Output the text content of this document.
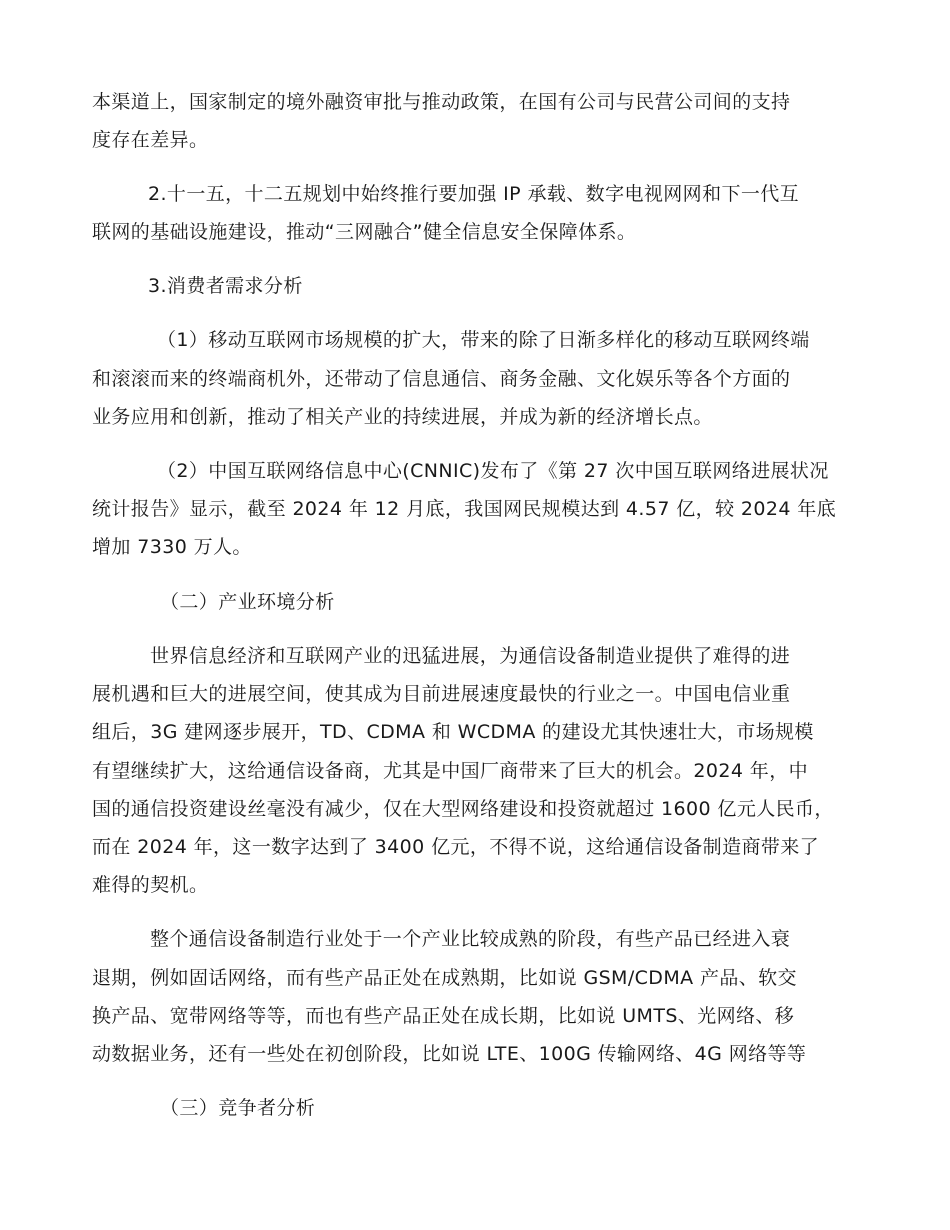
本渠道上，国家制定的境外融资审批与推动政策，在国有公司与民营公司间的支持
度存在差异。
2.十一五，十二五规划中始终推行要加强 IP 承载、数字电视网网和下一代互
联网的基础设施建设，推动“三网融合”健全信息安全保障体系。
3.消费者需求分析
（1）移动互联网市场规模的扩大，带来的除了日渐多样化的移动互联网终端
和滚滚而来的终端商机外，还带动了信息通信、商务金融、文化娱乐等各个方面的
业务应用和创新，推动了相关产业的持续进展，并成为新的经济增长点。
（2）中国互联网络信息中心(CNNIC)发布了《第 27 次中国互联网络进展状况
统计报告》显示，截至 2024 年 12 月底，我国网民规模达到 4.57 亿，较 2024 年底
增加 7330 万人。
（二）产业环境分析
世界信息经济和互联网产业的迅猛进展，为通信设备制造业提供了难得的进
展机遇和巨大的进展空间，使其成为目前进展速度最快的行业之一。中国电信业重
组后，3G 建网逐步展开，TD、CDMA 和 WCDMA 的建设尤其快速壮大，市场规模
有望继续扩大，这给通信设备商，尤其是中国厂商带来了巨大的机会。2024 年，中
国的通信投资建设丝毫没有减少，仅在大型网络建设和投资就超过 1600 亿元人民币，
而在 2024 年，这一数字达到了 3400 亿元，不得不说，这给通信设备制造商带来了
难得的契机。
整个通信设备制造行业处于一个产业比较成熟的阶段，有些产品已经进入衰
退期，例如固话网络，而有些产品正处在成熟期，比如说 GSM/CDMA 产品、软交
换产品、宽带网络等等，而也有些产品正处在成长期，比如说 UMTS、光网络、移
动数据业务，还有一些处在初创阶段，比如说 LTE、100G 传输网络、4G 网络等等
（三）竞争者分析
